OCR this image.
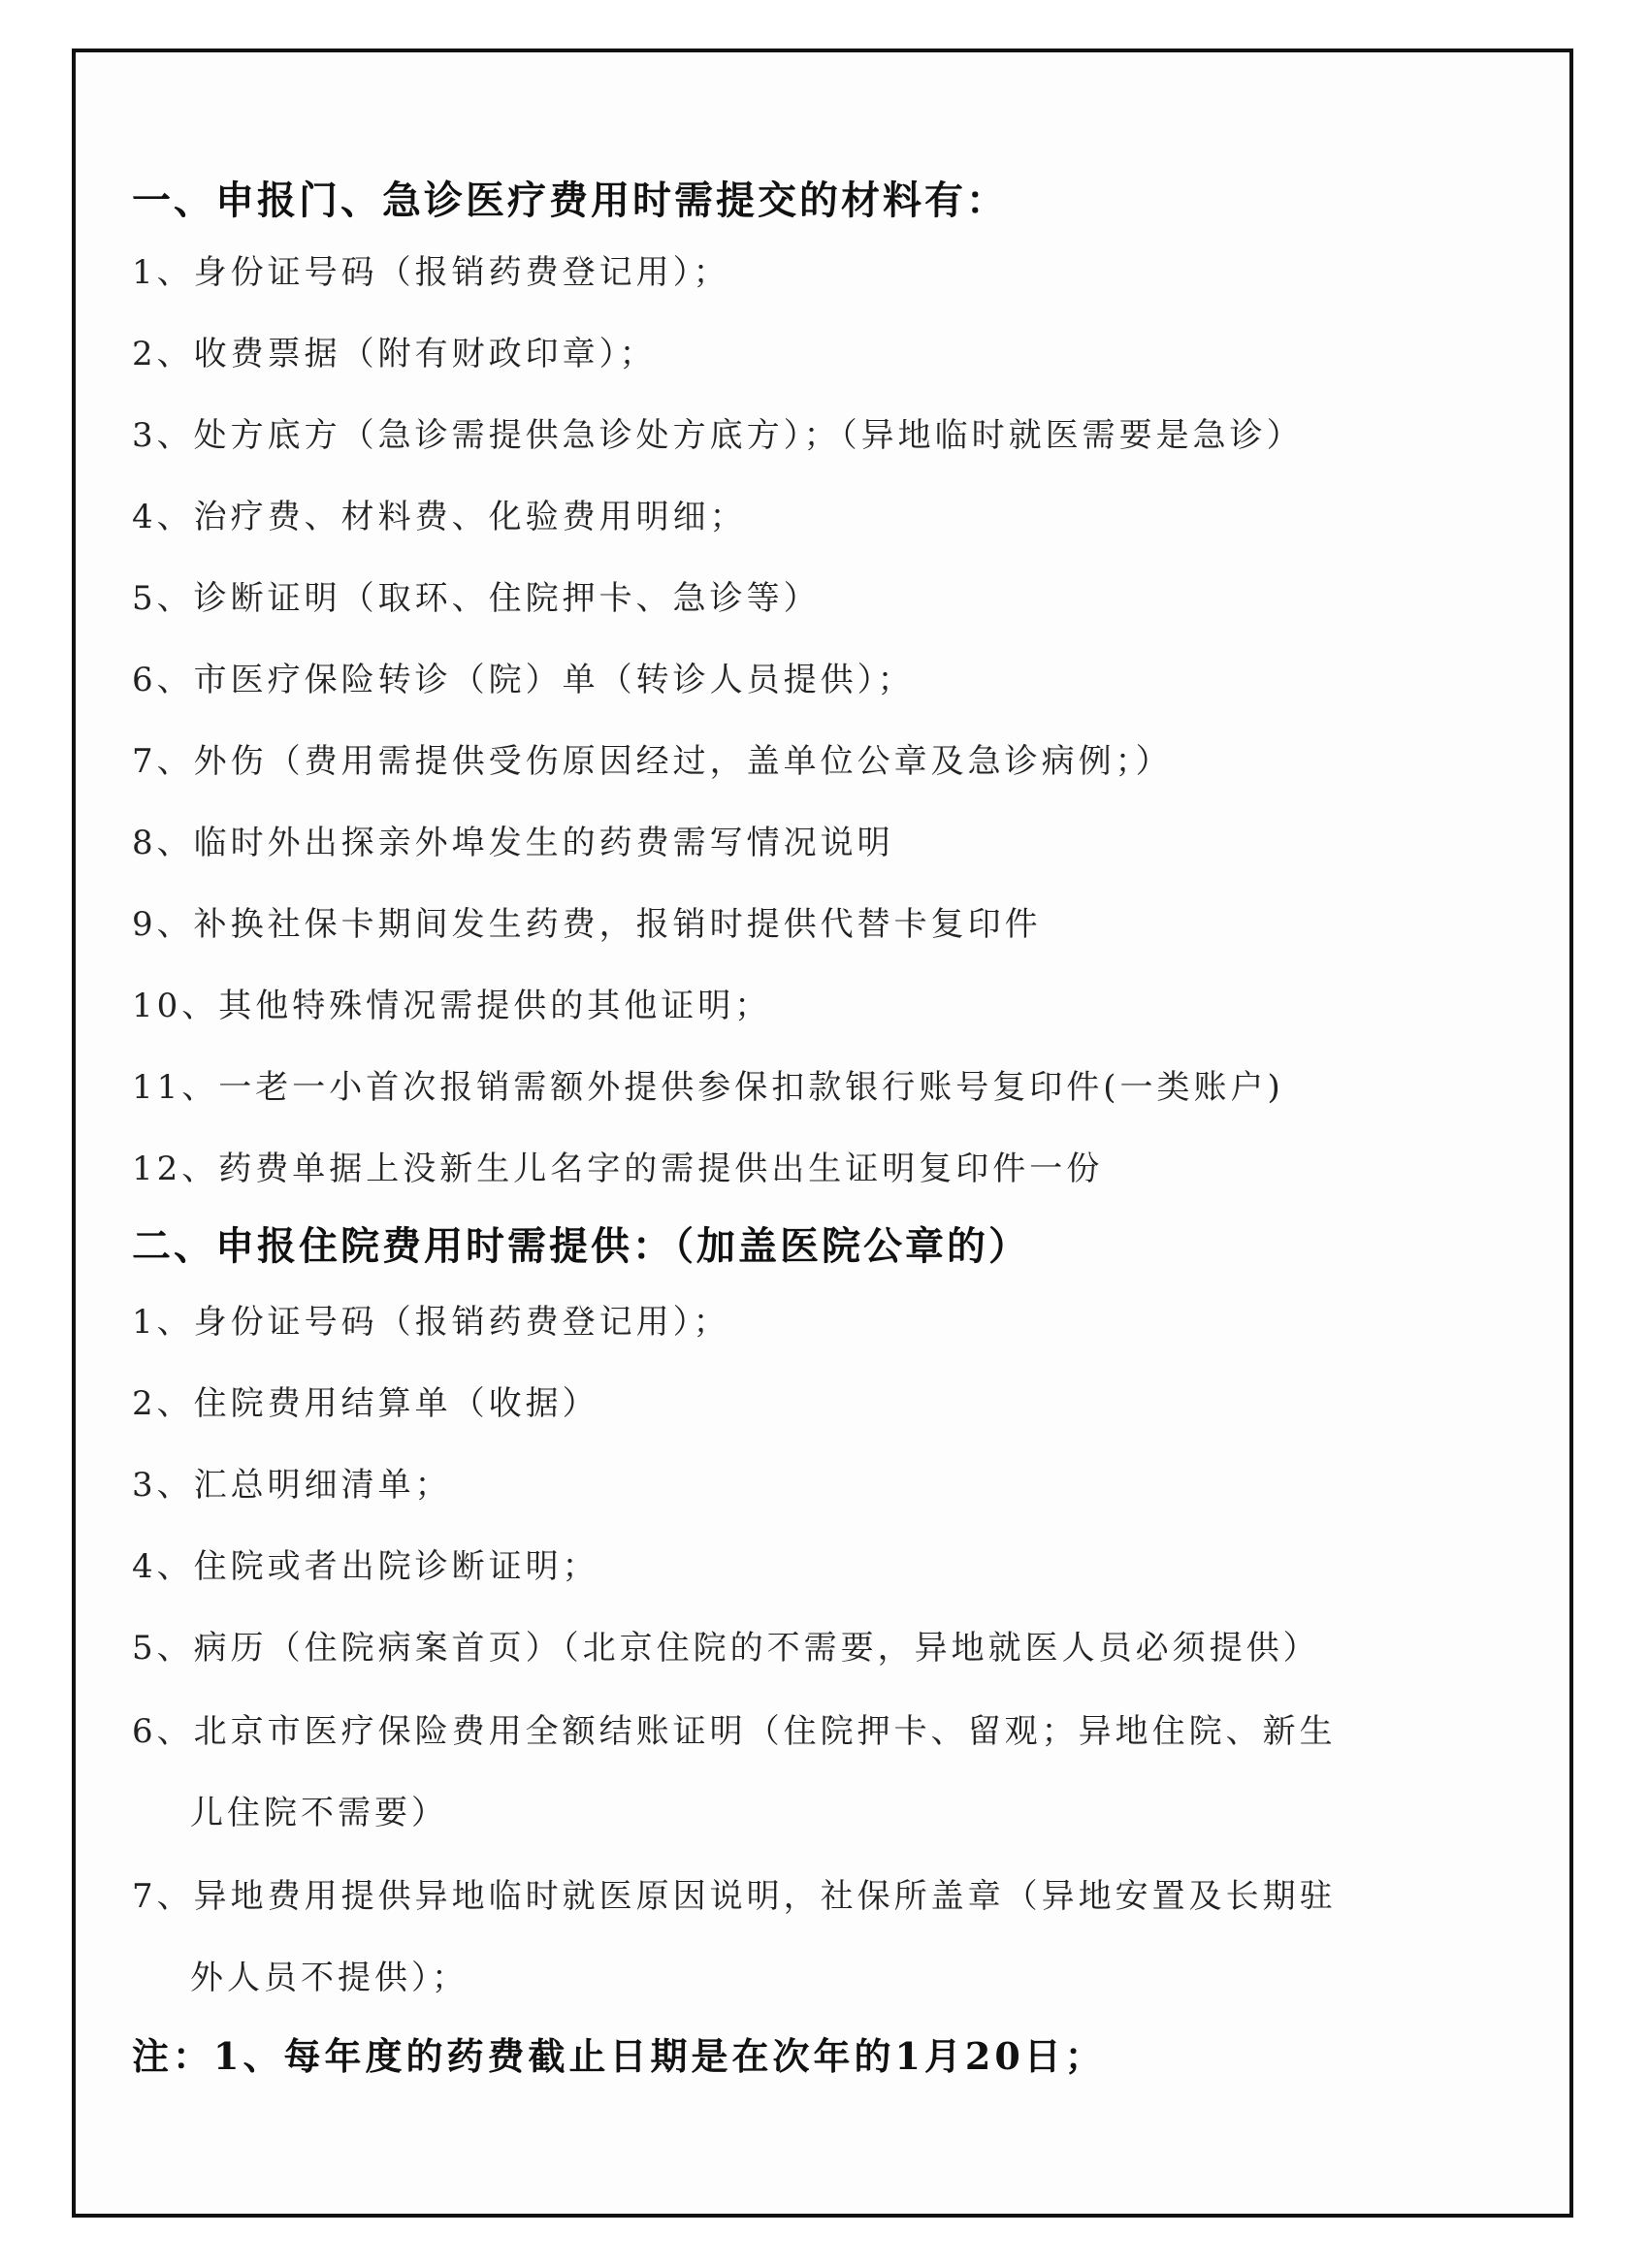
一、申报门、急诊医疗费用时需提交的材料有：
1、身份证号码（报销药费登记用）；
2、收费票据（附有财政印章）；
3、处方底方（急诊需提供急诊处方底方）；（异地临时就医需要是急诊）
4、治疗费、材料费、化验费用明细；
5、诊断证明（取环、住院押卡、急诊等）
6、市医疗保险转诊（院）单（转诊人员提供）；
7、外伤（费用需提供受伤原因经过，盖单位公章及急诊病例；）
8、临时外出探亲外埠发生的药费需写情况说明
9、补换社保卡期间发生药费，报销时提供代替卡复印件
10、其他特殊情况需提供的其他证明；
11、一老一小首次报销需额外提供参保扣款银行账号复印件(一类账户)
12、药费单据上没新生儿名字的需提供出生证明复印件一份
二、申报住院费用时需提供：（加盖医院公章的）
1、身份证号码（报销药费登记用）；
2、住院费用结算单（收据）
3、汇总明细清单；
4、住院或者出院诊断证明；
5、病历（住院病案首页）（北京住院的不需要，异地就医人员必须提供）
6、北京市医疗保险费用全额结账证明（住院押卡、留观；异地住院、新生
儿住院不需要）
7、异地费用提供异地临时就医原因说明，社保所盖章（异地安置及长期驻
外人员不提供）；
注：1、每年度的药费截止日期是在次年的1月20日；
